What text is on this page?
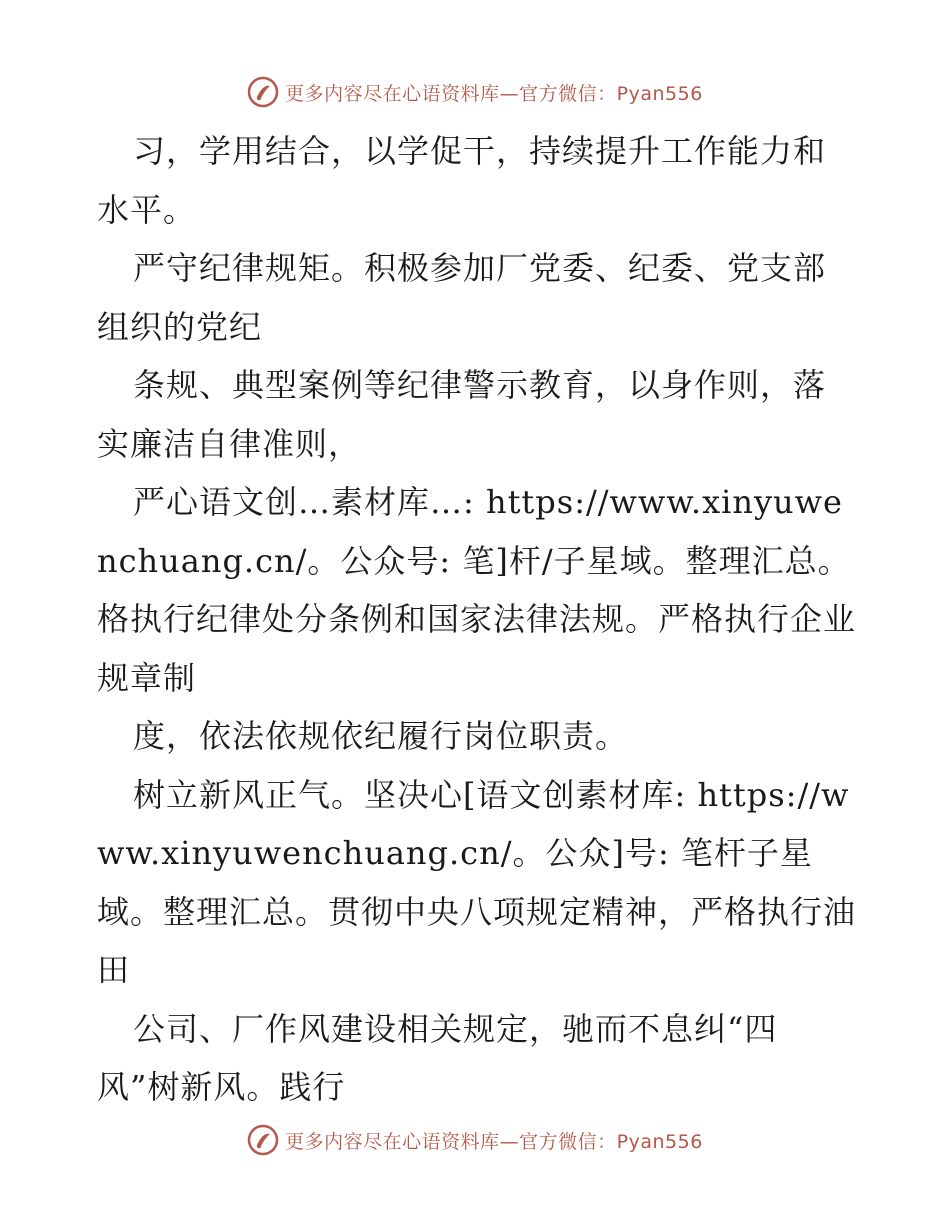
更多内容尽在心语资料库—官方微信：Pyan556

习，学用结合，以学促干，持续提升工作能力和水平。

严守纪律规矩。积极参加厂党委、纪委、党支部组织的党纪

条规、典型案例等纪律警示教育，以身作则，落实廉洁自律准则，

严心语文创…素材库…: https://www.xinyuwenchuang.cn/。公众号: 笔]杆/子星域。整理汇总。格执行纪律处分条例和国家法律法规。严格执行企业规章制

度，依法依规依纪履行岗位职责。

树立新风正气。坚决心[语文创素材库: https://www.xinyuwenchuang.cn/。公众]号: 笔杆子星域。整理汇总。贯彻中央八项规定精神，严格执行油田

公司、厂作风建设相关规定，驰而不息纠“四风”树新风。践行

更多内容尽在心语资料库—官方微信：Pyan556
